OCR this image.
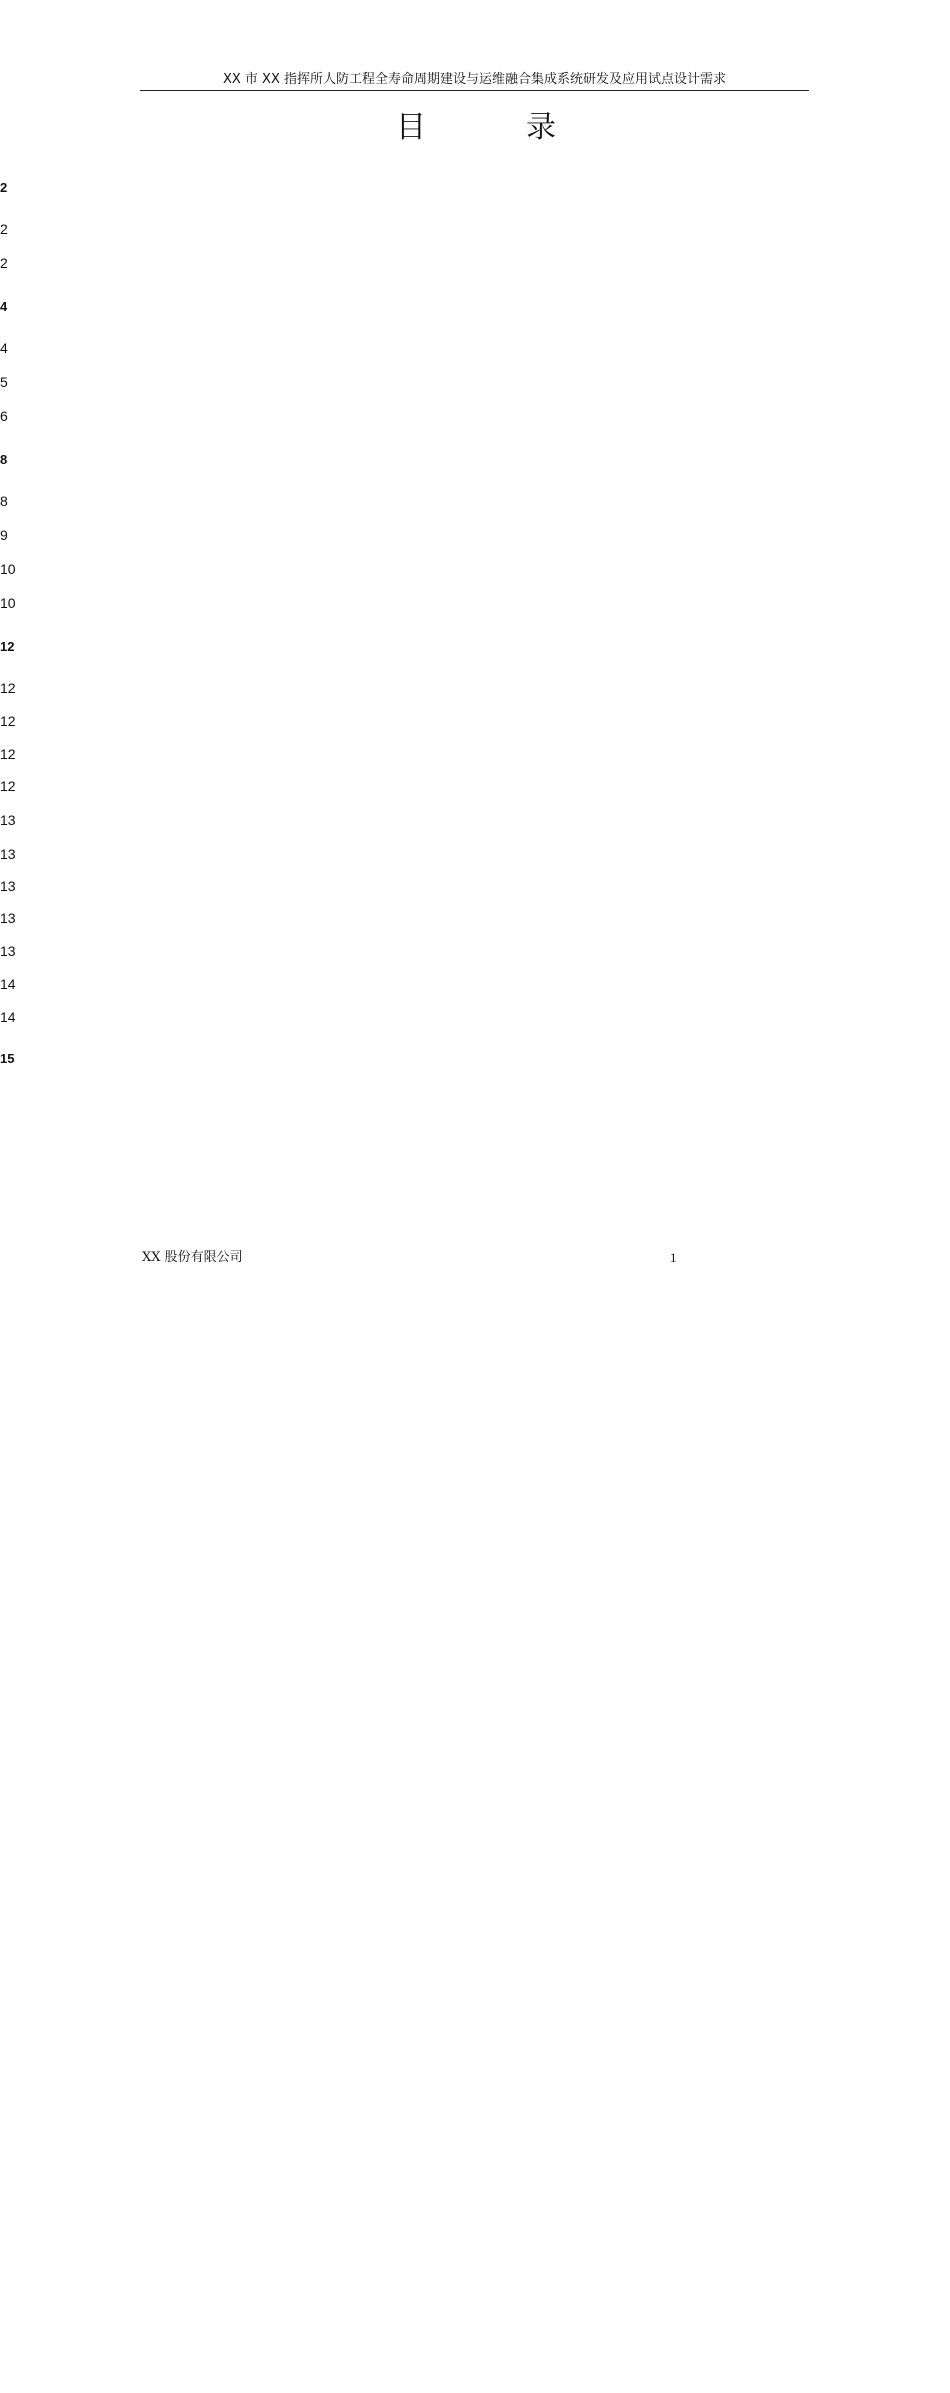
XX 市 XX 指挥所人防工程全寿命周期建设与运维融合集成系统研发及应用试点设计需求
目	录
2
2
2
4
4
5
6
8
8
9
10
10
12
12
12
12
12
13
13
13
13
13
14
14
15
XX 股份有限公司	1
